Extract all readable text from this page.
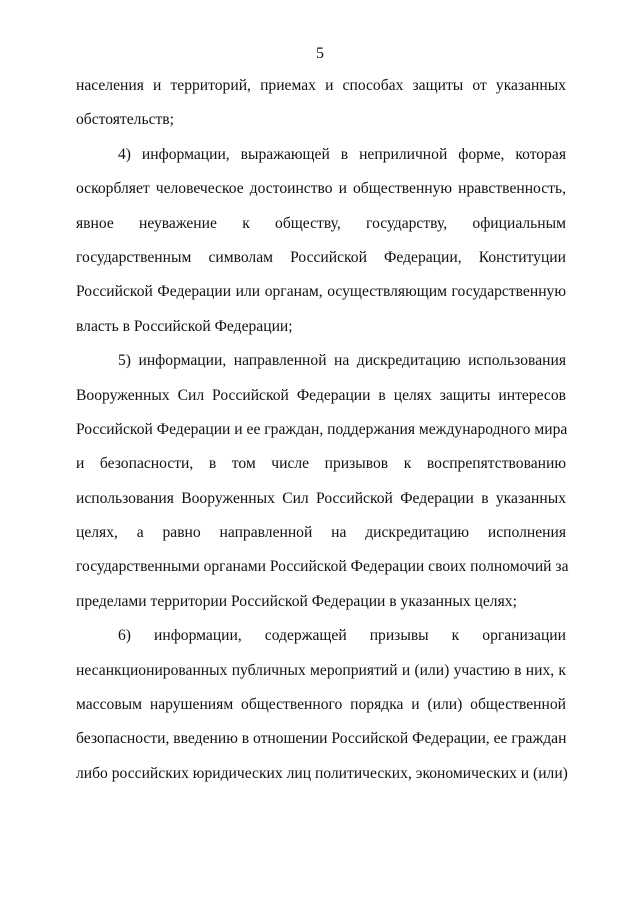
5
населения и территорий, приемах и способах защиты от указанных
обстоятельств;
4) информации, выражающей в неприличной форме, которая
оскорбляет человеческое достоинство и общественную нравственность,
явное неуважение к обществу, государству, официальным
государственным символам Российской Федерации, Конституции
Российской Федерации или органам, осуществляющим государственную
власть в Российской Федерации;
5) информации, направленной на дискредитацию использования
Вооруженных Сил Российской Федерации в целях защиты интересов
Российской Федерации и ее граждан, поддержания международного мира
и безопасности, в том числе призывов к воспрепятствованию
использования Вооруженных Сил Российской Федерации в указанных
целях, а равно направленной на дискредитацию исполнения
государственными органами Российской Федерации своих полномочий за
пределами территории Российской Федерации в указанных целях;
6) информации, содержащей призывы к организации
несанкционированных публичных мероприятий и (или) участию в них, к
массовым нарушениям общественного порядка и (или) общественной
безопасности, введению в отношении Российской Федерации, ее граждан
либо российских юридических лиц политических, экономических и (или)
